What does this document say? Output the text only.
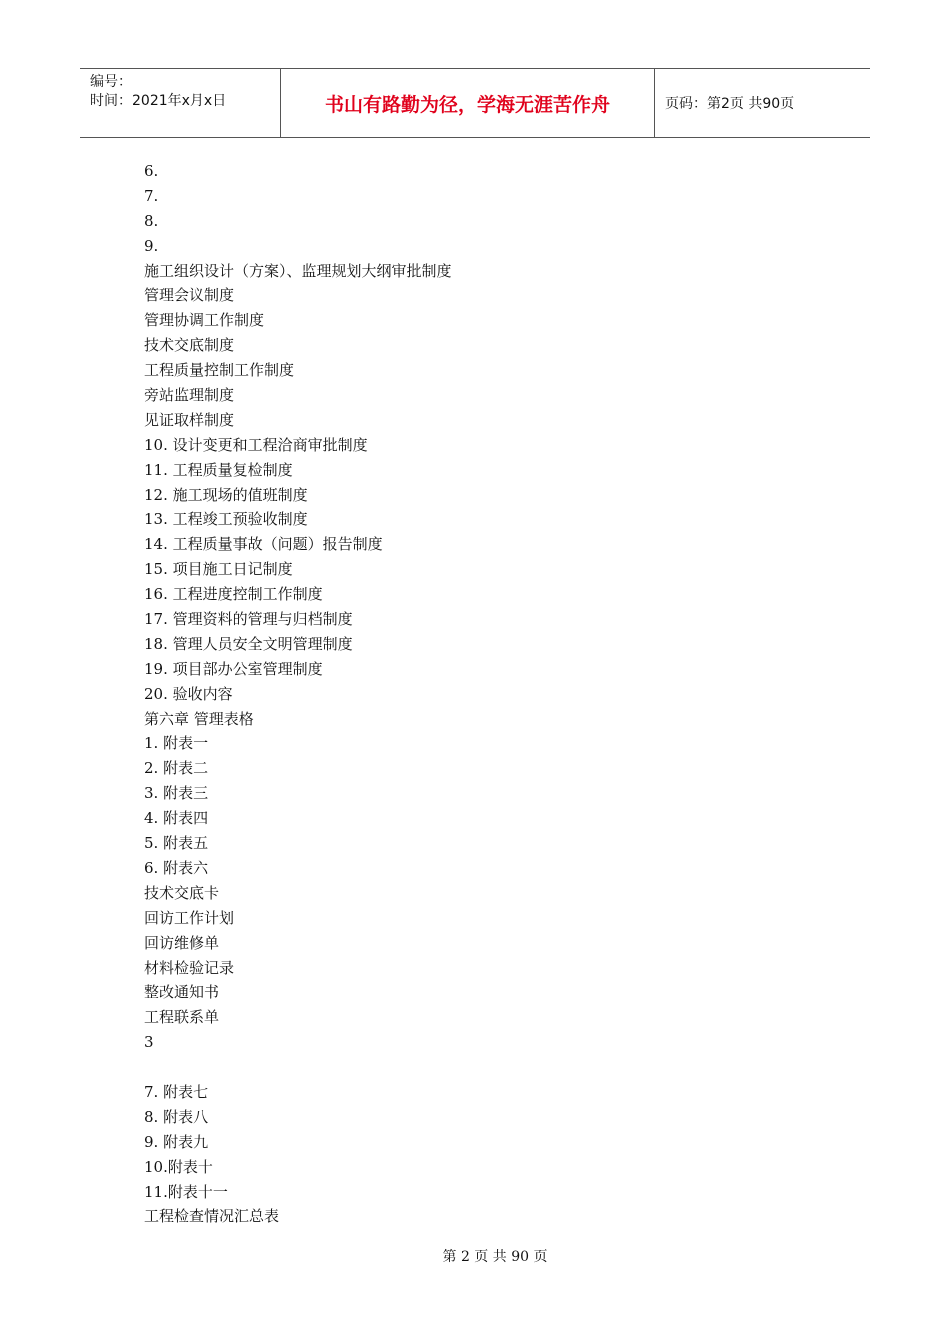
编号：
时间：2021年x月x日	书山有路勤为径，学海无涯苦作舟	页码：第2页 共90页
6.
7.
8.
9.
施工组织设计（方案）、监理规划大纲审批制度
管理会议制度
管理协调工作制度
技术交底制度
工程质量控制工作制度
旁站监理制度
见证取样制度
10. 设计变更和工程洽商审批制度
11. 工程质量复检制度
12. 施工现场的值班制度
13. 工程竣工预验收制度
14. 工程质量事故（问题）报告制度
15. 项目施工日记制度
16. 工程进度控制工作制度
17. 管理资料的管理与归档制度
18. 管理人员安全文明管理制度
19. 项目部办公室管理制度
20. 验收内容
第六章 管理表格
1. 附表一
2. 附表二
3. 附表三
4. 附表四
5. 附表五
6. 附表六
技术交底卡
回访工作计划
回访维修单
材料检验记录
整改通知书
工程联系单
3
7. 附表七
8. 附表八
9. 附表九
10.附表十
11.附表十一
工程检查情况汇总表
第 2 页 共 90 页
